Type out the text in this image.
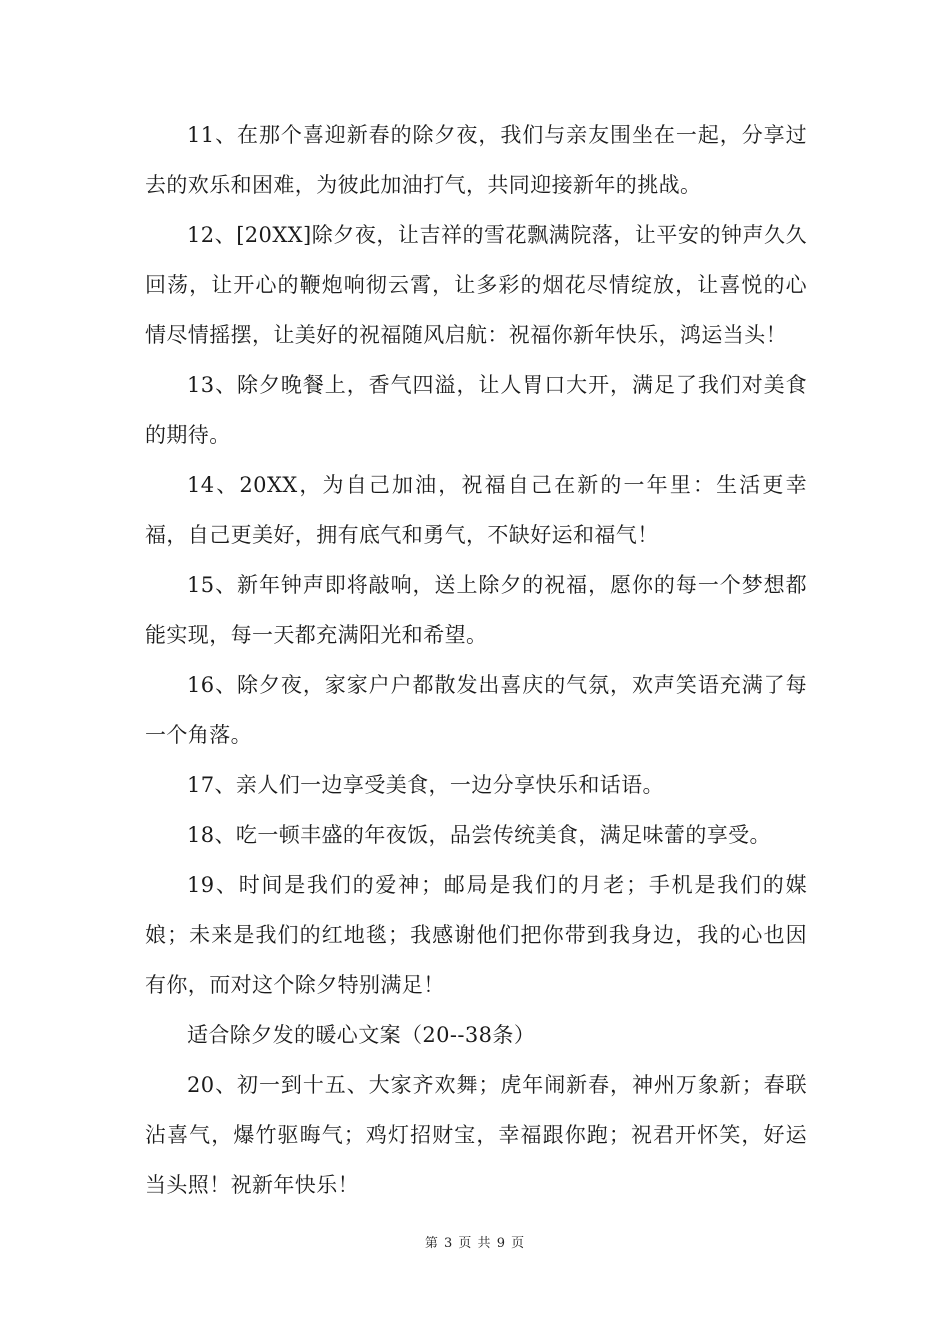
11、在那个喜迎新春的除夕夜，我们与亲友围坐在一起，分享过去的欢乐和困难，为彼此加油打气，共同迎接新年的挑战。

12、[20XX]除夕夜，让吉祥的雪花飘满院落，让平安的钟声久久回荡，让开心的鞭炮响彻云霄，让多彩的烟花尽情绽放，让喜悦的心情尽情摇摆，让美好的祝福随风启航：祝福你新年快乐，鸿运当头！

13、除夕晚餐上，香气四溢，让人胃口大开，满足了我们对美食的期待。

14、20XX，为自己加油，祝福自己在新的一年里：生活更幸福，自己更美好，拥有底气和勇气，不缺好运和福气！

15、新年钟声即将敲响，送上除夕的祝福，愿你的每一个梦想都能实现，每一天都充满阳光和希望。

16、除夕夜，家家户户都散发出喜庆的气氛，欢声笑语充满了每一个角落。

17、亲人们一边享受美食，一边分享快乐和话语。

18、吃一顿丰盛的年夜饭，品尝传统美食，满足味蕾的享受。

19、时间是我们的爱神；邮局是我们的月老；手机是我们的媒娘；未来是我们的红地毯；我感谢他们把你带到我身边，我的心也因有你，而对这个除夕特别满足！

适合除夕发的暖心文案（20--38条）

20、初一到十五、大家齐欢舞；虎年闹新春，神州万象新；春联沾喜气，爆竹驱晦气；鸡灯招财宝，幸福跟你跑；祝君开怀笑，好运当头照！祝新年快乐！

第 3 页 共 9 页
